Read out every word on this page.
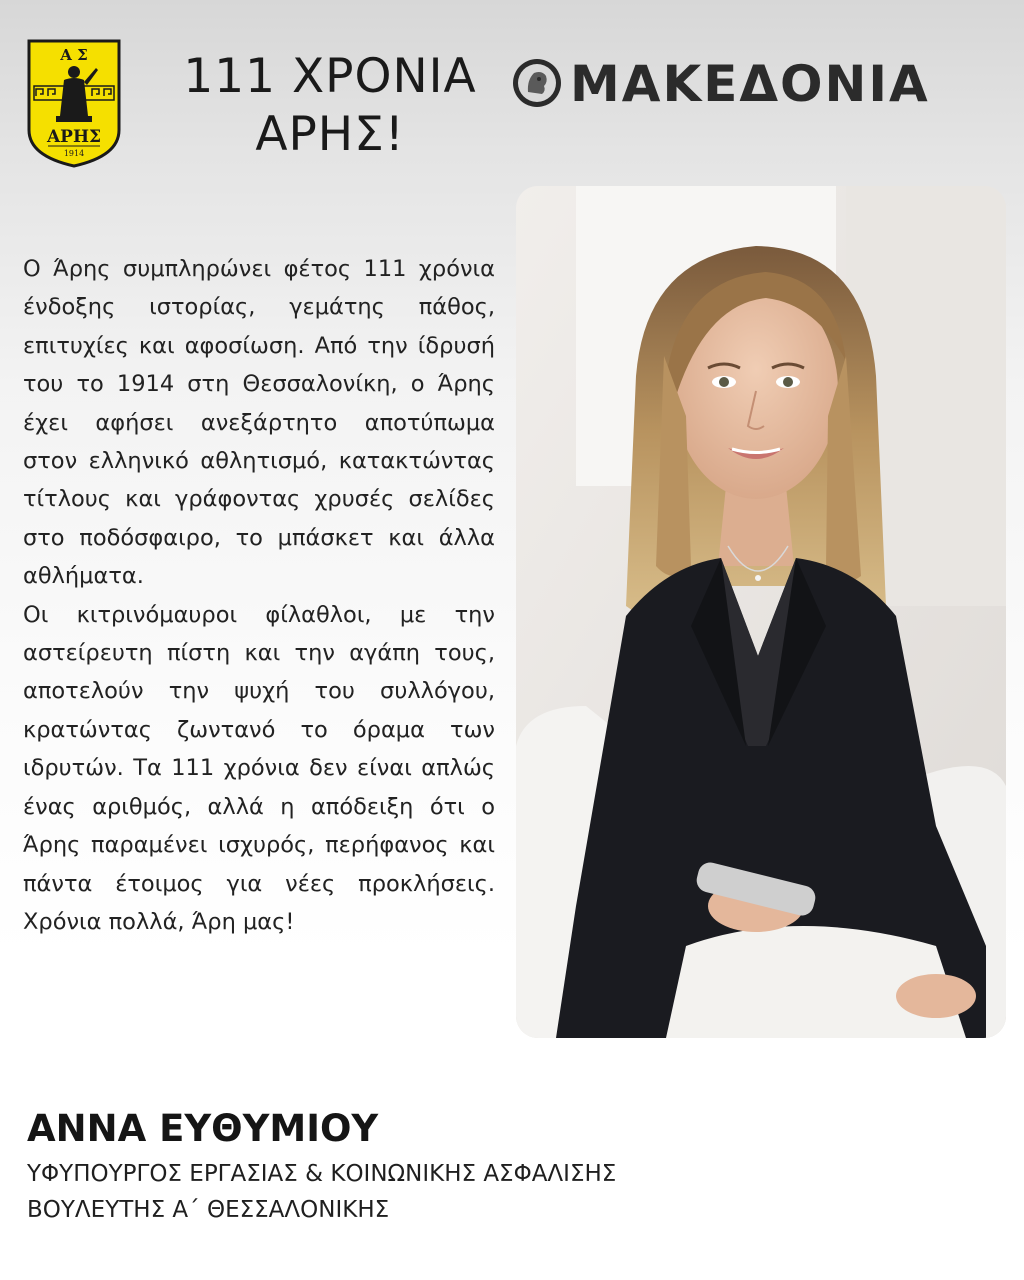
Α Σ
ΑΡΗΣ
1914
111 ΧΡΟΝΙΑ
ΑΡΗΣ!
ΜΑΚΕΔΟΝΙΑ

Ο Άρης συμπληρώνει φέτος 111 χρόνια ένδοξης ιστορίας, γεμάτης πάθος, επιτυχίες και αφοσίωση. Από την ίδρυσή του το 1914 στη Θεσσαλονίκη, ο Άρης έχει αφήσει ανεξάρτητο αποτύπωμα στον ελληνικό αθλητισμό, κατακτώντας τίτλους και γράφοντας χρυσές σελίδες στο ποδόσφαιρο, το μπάσκετ και άλλα αθλήματα.

Οι κιτρινόμαυροι φίλαθλοι, με την αστείρευτη πίστη και την αγάπη τους, αποτελούν την ψυχή του συλλόγου, κρατώντας ζωντανό το όραμα των ιδρυτών. Τα 111 χρόνια δεν είναι απλώς ένας αριθμός, αλλά η απόδειξη ότι ο Άρης παραμένει ισχυρός, περήφανος και πάντα έτοιμος για νέες προκλήσεις. Χρόνια πολλά, Άρη μας!

ΑΝΝΑ ΕΥΘΥΜΙΟΥ

ΥΦΥΠΟΥΡΓΟΣ ΕΡΓΑΣΙΑΣ & ΚΟΙΝΩΝΙΚΗΣ ΑΣΦΑΛΙΣΗΣ

ΒΟΥΛΕΥΤΗΣ Α΄ ΘΕΣΣΑΛΟΝΙΚΗΣ
